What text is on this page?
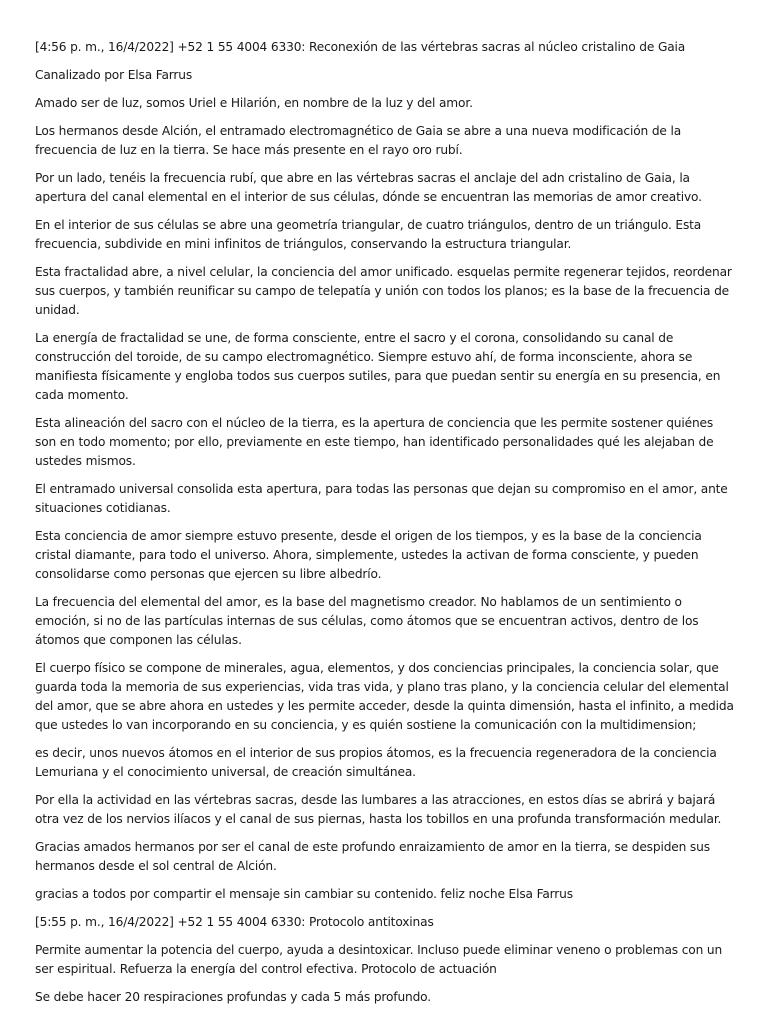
[4:56 p. m., 16/4/2022] +52 1 55 4004 6330: Reconexión de las vértebras sacras al núcleo cristalino de Gaia

Canalizado por Elsa Farrus

Amado ser de luz, somos Uriel e Hilarión, en nombre de la luz y del amor.

Los hermanos desde Alción, el entramado electromagnético de Gaia se abre a una nueva modificación de la frecuencia de luz en la tierra. Se hace más presente en el rayo oro rubí.

Por un lado, tenéis la frecuencia rubí, que abre en las vértebras sacras el anclaje del adn cristalino de Gaia, la apertura del canal elemental en el interior de sus células, dónde se encuentran las memorias de amor creativo.

En el interior de sus células se abre una geometría triangular, de cuatro triángulos, dentro de un triángulo. Esta frecuencia, subdivide en mini infinitos de triángulos, conservando la estructura triangular.

Esta fractalidad abre, a nivel celular, la conciencia del amor unificado. esquelas permite regenerar tejidos, reordenar sus cuerpos, y también reunificar su campo de telepatía y unión con todos los planos; es la base de la frecuencia de unidad.

La energía de fractalidad se une, de forma consciente, entre el sacro y el corona, consolidando su canal de construcción del toroide, de su campo electromagnético. Siempre estuvo ahí, de forma inconsciente, ahora se manifiesta físicamente y engloba todos sus cuerpos sutiles, para que puedan sentir su energía en su presencia, en cada momento.

Esta alineación del sacro con el núcleo de la tierra, es la apertura de conciencia que les permite sostener quiénes son en todo momento; por ello, previamente en este tiempo, han identificado personalidades qué les alejaban de ustedes mismos.

El entramado universal consolida esta apertura, para todas las personas que dejan su compromiso en el amor, ante situaciones cotidianas.

Esta conciencia de amor siempre estuvo presente, desde el origen de los tiempos, y es la base de la conciencia cristal diamante, para todo el universo. Ahora, simplemente, ustedes la activan de forma consciente, y pueden consolidarse como personas que ejercen su libre albedrío.

La frecuencia del elemental del amor, es la base del magnetismo creador. No hablamos de un sentimiento o emoción, si no de las partículas internas de sus células, como átomos que se encuentran activos, dentro de los átomos que componen las células.

El cuerpo físico se compone de minerales, agua, elementos, y dos conciencias principales, la conciencia solar, que guarda toda la memoria de sus experiencias, vida tras vida, y plano tras plano, y la conciencia celular del elemental del amor, que se abre ahora en ustedes y les permite acceder, desde la quinta dimensión, hasta el infinito, a medida que ustedes lo van incorporando en su conciencia, y es quién sostiene la comunicación con la multidimension;

es decir, unos nuevos átomos en el interior de sus propios átomos, es la frecuencia regeneradora de la conciencia Lemuriana y el conocimiento universal, de creación simultánea.

Por ella la actividad en las vértebras sacras, desde las lumbares a las atracciones, en estos días se abrirá y bajará otra vez de los nervios ilíacos y el canal de sus piernas, hasta los tobillos en una profunda transformación medular.

Gracias amados hermanos por ser el canal de este profundo enraizamiento de amor en la tierra, se despiden sus hermanos desde el sol central de Alción.

gracias a todos por compartir el mensaje sin cambiar su contenido. feliz noche Elsa Farrus

[5:55 p. m., 16/4/2022] +52 1 55 4004 6330: Protocolo antitoxinas

Permite aumentar la potencia del cuerpo, ayuda a desintoxicar. Incluso puede eliminar veneno o problemas con un ser espiritual. Refuerza la energía del control efectiva. Protocolo de actuación

Se debe hacer 20 respiraciones profundas y cada 5 más profundo.
